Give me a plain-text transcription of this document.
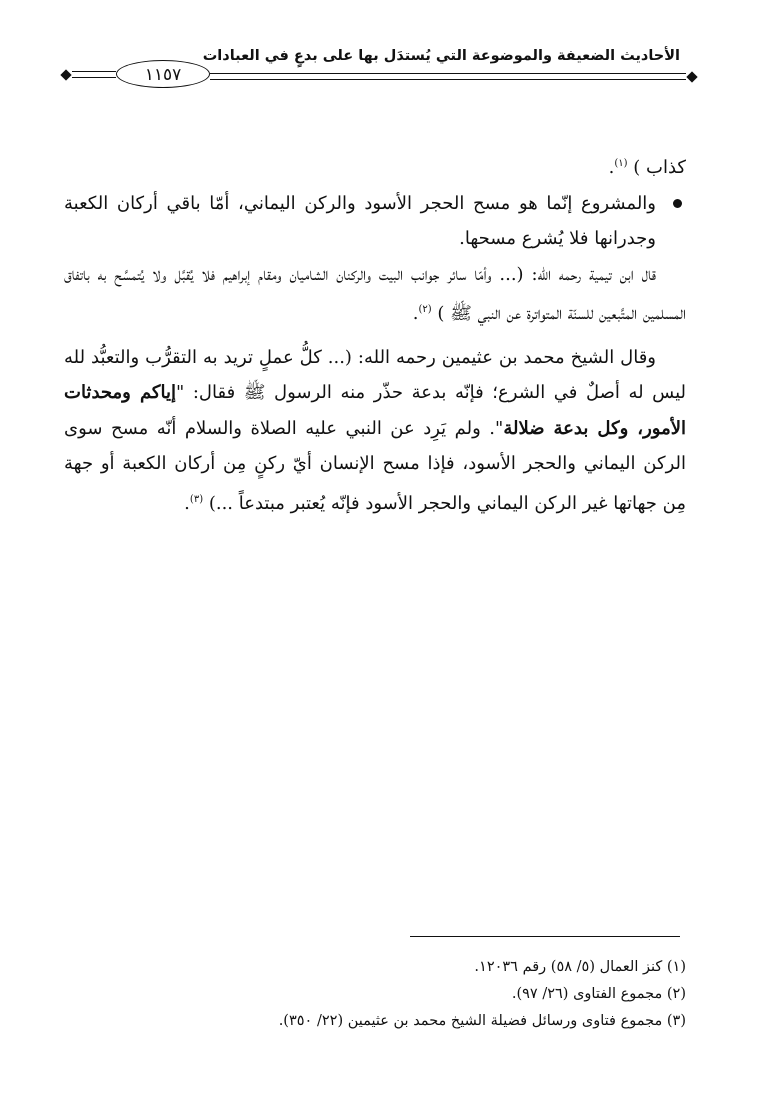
الأحاديث الضعيفة والموضوعة التي يُستدَل بها على بدعٍ في العبادات
١١٥٧

كذاب ) $^{(١)}$.

والمشروع إنّما هو مسح الحجر الأسود والركن اليماني، أمّا باقي أركان الكعبة وجدرانها فلا يُشرع مسحها.

قال ابن تيمية رحمه الله: (... وأمّا سائر جوانب البيت والركنان الشاميان ومقام إبراهيم فلا يُقبَّل ولا يُتمسَّح به باتفاق المسلمين المتَّبعين للسنّة المتواترة عن النبي ﷺ ) $^{(٢)}$.

وقال الشيخ محمد بن عثيمين رحمه الله: (... كلُّ عملٍ تريد به التقرُّب والتعبُّد لله ليس له أصلٌ في الشرع؛ فإنّه بدعة حذّر منه الرسول ﷺ فقال: "إياكم ومحدثات الأمور، وكل بدعة ضلالة". ولم يَرِد عن النبي عليه الصلاة والسلام أنّه مسح سوى الركن اليماني والحجر الأسود، فإذا مسح الإنسان أيّ ركنٍ مِن أركان الكعبة أو جهة مِن جهاتها غير الركن اليماني والحجر الأسود فإنّه يُعتبر مبتدعاً ...) $^{(٣)}$.

(١) كنز العمال (٥/ ٥٨) رقم ١٢٠٣٦.
(٢) مجموع الفتاوى (٢٦/ ٩٧).
(٣) مجموع فتاوى ورسائل فضيلة الشيخ محمد بن عثيمين (٢٢/ ٣٥٠).
